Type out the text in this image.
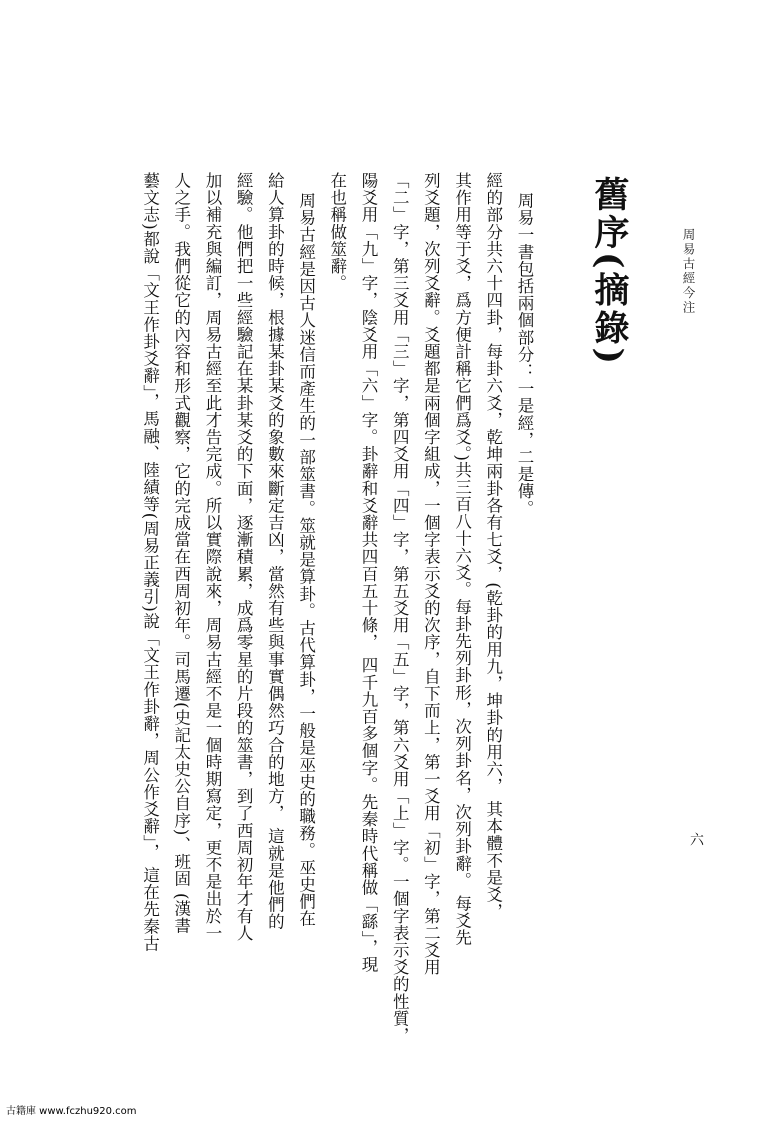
周易古經今注
舊序(摘錄)

周易一書包括兩個部分：一是經，二是傳。

經的部分共六十四卦，每卦六爻，乾坤兩卦各有七爻，(乾卦的用九，坤卦的用六， 其本體不是爻，

其作用等于爻，爲方便計稱它們爲爻。)共三百八十六爻。每卦先列卦形，次列卦名，次列卦辭。 每爻先

列爻題，次列爻辭。爻題都是兩個字組成，一個字表示爻的次序，自下而上，第一爻用「初」字，第二爻用

「二」字，第三爻用「三」字，第四爻用「四」字，第五爻用「五」字，第六爻用「上」字。一個字表示爻的性質，

陽爻用「九」字，陰爻用「六」字。卦辭和爻辭共四百五十條， 四千九百多個字。先秦時代稱做「繇」，現

在也稱做筮辭。

周易古經是因古人迷信而產生的一部筮書。筮就是算卦。古代算卦，一般是巫史的職務。巫史們在

給人算卦的時候，根據某卦某爻的象數來斷定吉凶，當然有些與事實偶然巧合的地方， 這就是他們的

經驗。他們把一些經驗記在某卦某爻的下面，逐漸積累，成爲零星的片段的筮書，到了西周初年才有人

加以補充與編訂，周易古經至此才告完成。所以實際說來，周易古經不是一個時期寫定，更不是出於一

人之手。我們從它的內容和形式觀察，它的完成當在西周初年。司馬遷(史記太史公自序)、班固 (漢書

藝文志)都說「文王作卦爻辭」，馬融、陸績等(周易正義引)說「文王作卦辭，周公作爻辭」， 這在先秦古	六
古籍庫 www.fczhu920.com
